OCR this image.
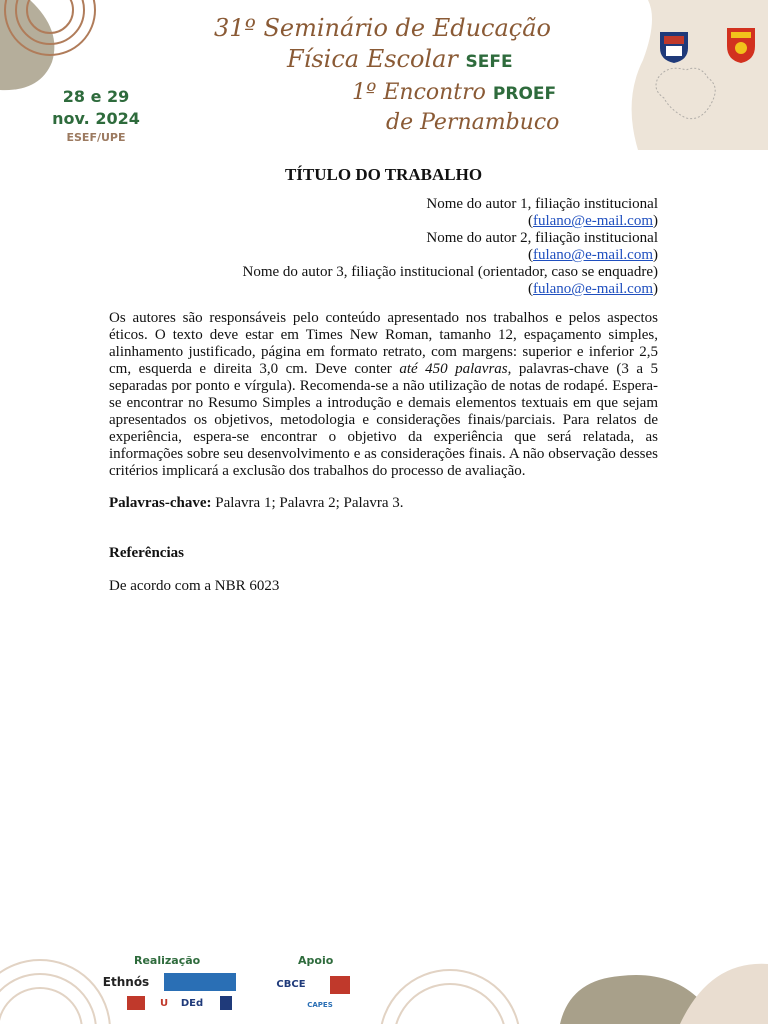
31º Seminário de Educação
Física Escolar SEFE
1º Encontro PROEF
de Pernambuco
28 e 29
nov. 2024
ESEF/UPE
TÍTULO DO TRABALHO
Nome do autor 1, filiação institucional
(fulano@e-mail.com)
Nome do autor 2, filiação institucional
(fulano@e-mail.com)
Nome do autor 3, filiação institucional (orientador, caso se enquadre)
(fulano@e-mail.com)
Os autores são responsáveis pelo conteúdo apresentado nos trabalhos e pelos aspectos éticos. O texto deve estar em Times New Roman, tamanho 12, espaçamento simples, alinhamento justificado, página em formato retrato, com margens: superior e inferior 2,5 cm, esquerda e direita 3,0 cm. Deve conter até 450 palavras, palavras-chave (3 a 5 separadas por ponto e vírgula). Recomenda-se a não utilização de notas de rodapé. Espera-se encontrar no Resumo Simples a introdução e demais elementos textuais em que sejam apresentados os objetivos, metodologia e considerações finais/parciais. Para relatos de experiência, espera-se encontrar o objetivo da experiência que será relatada, as informações sobre seu desenvolvimento e as considerações finais. A não observação desses critérios implicará a exclusão dos trabalhos do processo de avaliação.
Palavras-chave: Palavra 1; Palavra 2; Palavra 3.
Referências
De acordo com a NBR 6023
Realização	Apoio
Ethnós
U	DEd
CBCE
CAPES
